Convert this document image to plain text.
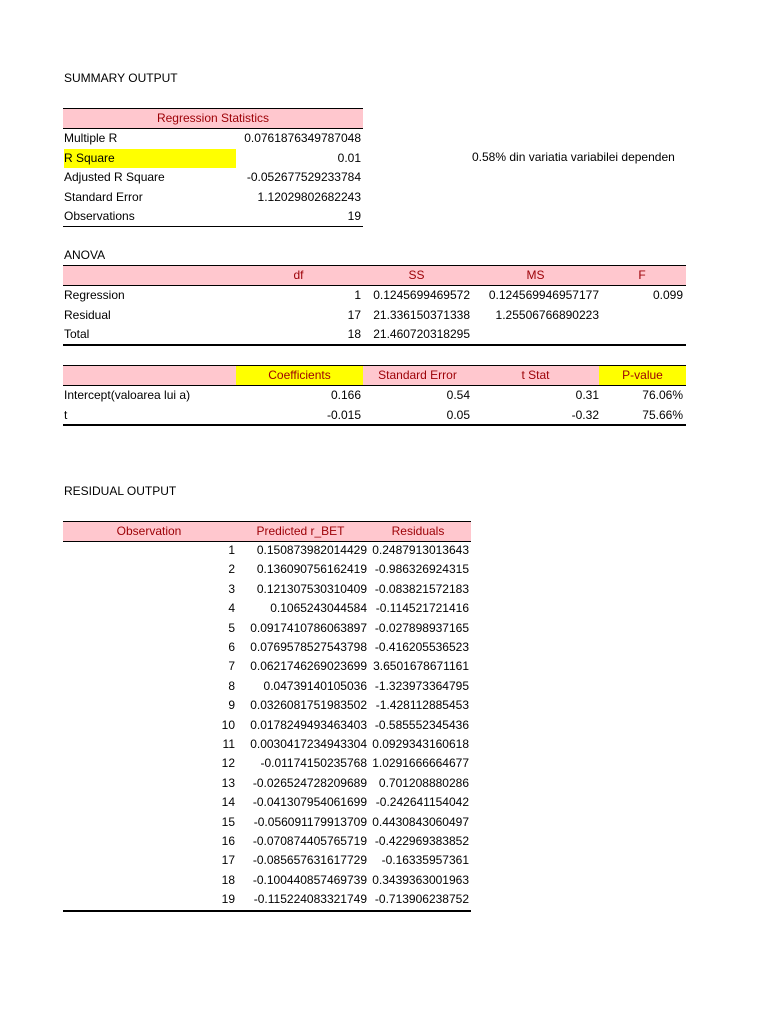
SUMMARY OUTPUT
Regression Statistics
Multiple R	0.0761876349787048
R Square	0.01
Adjusted R Square	-0.052677529233784
Standard Error	1.12029802682243
Observations	19
0.58% din variatia variabilei dependen
ANOVA
df	SS	MS	F
Regression	1	0.1245699469572	0.124569946957177	0.099
Residual	17	21.336150371338	1.25506766890223
Total	18	21.460720318295
Coefficients	Standard Error	t Stat	P-value
Intercept(valoarea lui a)	0.166	0.54	0.31	76.06%
t	-0.015	0.05	-0.32	75.66%
RESIDUAL OUTPUT
Observation	Predicted r_BET	Residuals
1	0.150873982014429 0.2487913013643
2	0.136090756162419 -0.986326924315
3	0.121307530310409 -0.083821572183
4	0.1065243044584 -0.114521721416
5	0.0917410786063897 -0.027898937165
6	0.0769578527543798 -0.416205536523
7	0.0621746269023699 3.6501678671161
8	0.04739140105036 -1.323973364795
9	0.0326081751983502 -1.428112885453
10	0.0178249493463403 -0.585552345436
11	0.0030417234943304 0.0929343160618
12	-0.01174150235768 1.0291666664677
13	-0.026524728209689 0.701208880286
14	-0.041307954061699 -0.242641154042
15	-0.056091179913709 0.4430843060497
16	-0.070874405765719 -0.422969383852
17	-0.085657631617729	-0.16335957361
18	-0.100440857469739 0.3439363001963
19	-0.115224083321749 -0.713906238752
